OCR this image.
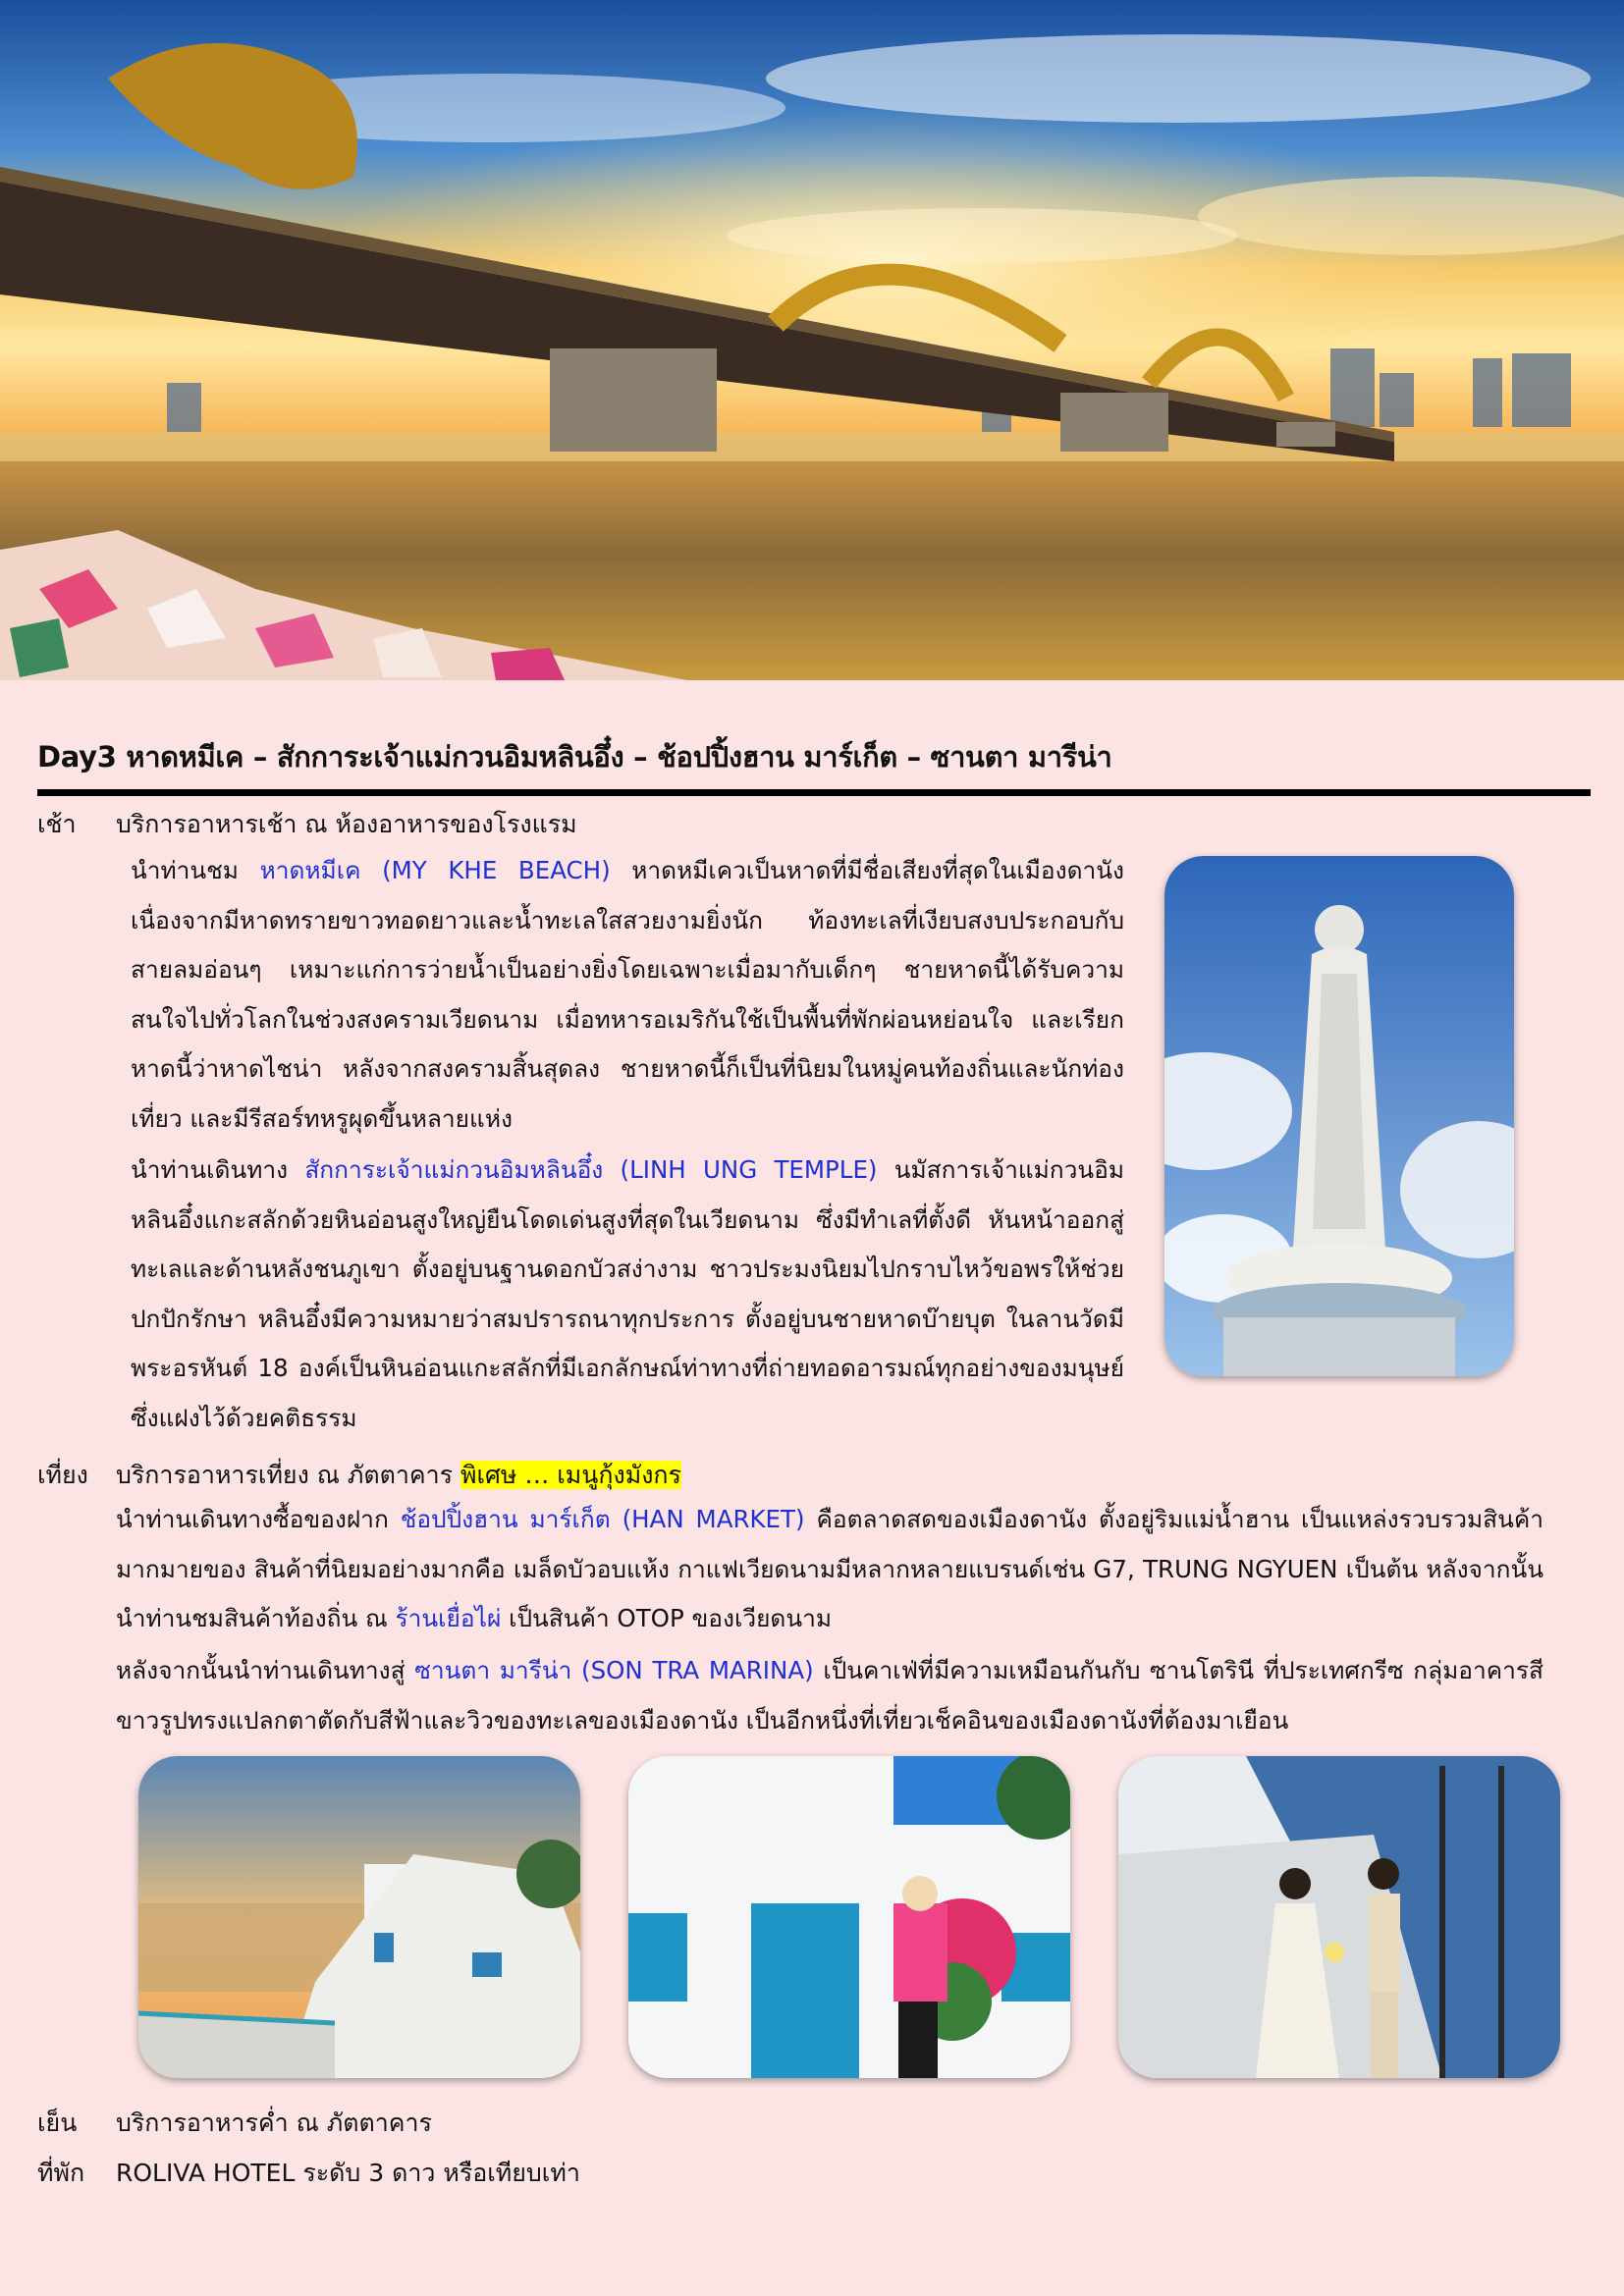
Day3 หาดหมีเค – สักการะเจ้าแม่กวนอิมหลินอึ๋ง – ช้อปปิ้งฮาน มาร์เก็ต – ซานตา มารีน่า
เช้า บริการอาหารเช้า ณ ห้องอาหารของโรงแรม
นำท่านชม หาดหมีเค (MY KHE BEACH) หาดหมีเควเป็นหาดที่มีชื่อเสียงที่สุดในเมืองดานัง เนื่องจากมีหาดทรายขาวทอดยาวและน้ำทะเลใสสวยงามยิ่งนัก ท้องทะเลที่เงียบสงบประกอบกับสายลมอ่อนๆ เหมาะแก่การว่ายน้ำเป็นอย่างยิ่งโดยเฉพาะเมื่อมากับเด็กๆ ชายหาดนี้ได้รับความสนใจไปทั่วโลกในช่วงสงครามเวียดนาม เมื่อทหารอเมริกันใช้เป็นพื้นที่พักผ่อนหย่อนใจ และเรียกหาดนี้ว่าหาดไชน่า หลังจากสงครามสิ้นสุดลง ชายหาดนี้ก็เป็นที่นิยมในหมู่คนท้องถิ่นและนักท่องเที่ยว และมีรีสอร์ทหรูผุดขึ้นหลายแห่ง
นำท่านเดินทาง สักการะเจ้าแม่กวนอิมหลินอึ๋ง (LINH UNG TEMPLE) นมัสการเจ้าแม่กวนอิมหลินอึ๋งแกะสลักด้วยหินอ่อนสูงใหญ่ยืนโดดเด่นสูงที่สุดในเวียดนาม ซึ่งมีทำเลที่ตั้งดี หันหน้าออกสู่ทะเลและด้านหลังชนภูเขา ตั้งอยู่บนฐานดอกบัวสง่างาม ชาวประมงนิยมไปกราบไหว้ขอพรให้ช่วยปกปักรักษา หลินอึ๋งมีความหมายว่าสมปรารถนาทุกประการ ตั้งอยู่บนชายหาดบ๊ายบุต ในลานวัดมีพระอรหันต์ 18 องค์เป็นหินอ่อนแกะสลักที่มีเอกลักษณ์ท่าทางที่ถ่ายทอดอารมณ์ทุกอย่างของมนุษย์ซึ่งแฝงไว้ด้วยคติธรรม
เที่ยง บริการอาหารเที่ยง ณ ภัตตาคาร พิเศษ … เมนูกุ้งมังกร
นำท่านเดินทางซื้อของฝาก ช้อปปิ้งฮาน มาร์เก็ต (HAN MARKET) คือตลาดสดของเมืองดานัง ตั้งอยู่ริมแม่น้ำฮาน เป็นแหล่งรวบรวมสินค้ามากมายของ สินค้าที่นิยมอย่างมากคือ เมล็ดบัวอบแห้ง กาแฟเวียดนามมีหลากหลายแบรนด์เช่น G7, TRUNG NGYUEN เป็นต้น หลังจากนั้นนำท่านชมสินค้าท้องถิ่น ณ ร้านเยื่อไผ่ เป็นสินค้า OTOP ของเวียดนาม
หลังจากนั้นนำท่านเดินทางสู่ ซานตา มารีน่า (SON TRA MARINA) เป็นคาเฟ่ที่มีความเหมือนกันกับ ซานโตรินี ที่ประเทศกรีซ กลุ่มอาคารสีขาวรูปทรงแปลกตาตัดกับสีฟ้าและวิวของทะเลของเมืองดานัง เป็นอีกหนึ่งที่เที่ยวเช็คอินของเมืองดานังที่ต้องมาเยือน
เย็น บริการอาหารค่ำ ณ ภัตตาคาร
ที่พัก ROLIVA HOTEL ระดับ 3 ดาว หรือเทียบเท่า
